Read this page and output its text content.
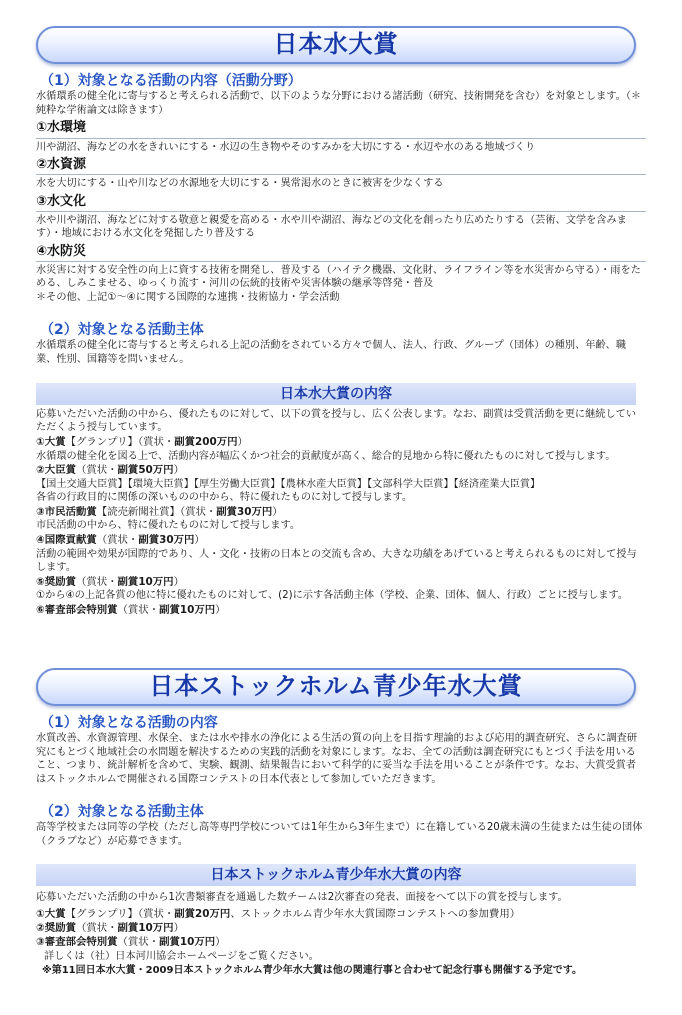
日本水大賞
（1）対象となる活動の内容（活動分野）
水循環系の健全化に寄与すると考えられる活動で、以下のような分野における諸活動（研究、技術開発を含む）を対象とします。（＊ 純粋な学術論文は除きます）
①水環境
川や湖沼、海などの水をきれいにする・水辺の生き物やそのすみかを大切にする・水辺や水のある地域づくり
②水資源
水を大切にする・山や川などの水源地を大切にする・異常渇水のときに被害を少なくする
③水文化
水や川や湖沼、海などに対する敬意と親愛を高める・水や川や湖沼、海などの文化を創ったり広めたりする（芸術、文学を含みます）・地域における水文化を発掘したり普及する
④水防災
水災害に対する安全性の向上に資する技術を開発し、普及する（ハイテク機器、文化財、ライフライン等を水災害から守る）・雨をためる、しみこませる、ゆっくり流す・河川の伝統的技術や災害体験の継承等啓発・普及
＊その他、上記①～④に関する国際的な連携・技術協力・学会活動
（2）対象となる活動主体
水循環系の健全化に寄与すると考えられる上記の活動をされている方々で個人、法人、行政、グループ（団体）の種別、年齢、職業、性別、国籍等を問いません。
日本水大賞の内容
応募いただいた活動の中から、優れたものに対して、以下の賞を授与し、広く公表します。なお、副賞は受賞活動を更に継続していただくよう授与しています。
①大賞【グランプリ】（賞状・副賞200万円）
水循環の健全化を図る上で、活動内容が幅広くかつ社会的貢献度が高く、総合的見地から特に優れたものに対して授与します。
②大臣賞（賞状・副賞50万円）
【国土交通大臣賞】【環境大臣賞】【厚生労働大臣賞】【農林水産大臣賞】【文部科学大臣賞】【経済産業大臣賞】
各省の行政目的に関係の深いものの中から、特に優れたものに対して授与します。
③市民活動賞【読売新聞社賞】（賞状・副賞30万円）
市民活動の中から、特に優れたものに対して授与します。
④国際貢献賞（賞状・副賞30万円）
活動の範囲や効果が国際的であり、人・文化・技術の日本との交流も含め、大きな功績をあげていると考えられるものに対して授与します。
⑤奨励賞（賞状・副賞10万円）
①から④の上記各賞の他に特に優れたものに対して、(2)に示す各活動主体（学校、企業、団体、個人、行政）ごとに授与します。
⑥審査部会特別賞（賞状・副賞10万円）
日本ストックホルム青少年水大賞
（1）対象となる活動の内容
水質改善、水資源管理、水保全、または水や排水の浄化による生活の質の向上を目指す理論的および応用的調査研究、さらに調査研究にもとづく地域社会の水問題を解決するための実践的活動を対象にします。なお、全ての活動は調査研究にもとづく手法を用いること、つまり、統計解析を含めて、実験、観測、結果報告において科学的に妥当な手法を用いることが条件です。なお、大賞受賞者はストックホルムで開催される国際コンテストの日本代表として参加していただきます。
（2）対象となる活動主体
高等学校または同等の学校（ただし高等専門学校については1年生から3年生まで）に在籍している20歳未満の生徒または生徒の団体（クラブなど）が応募できます。
日本ストックホルム青少年水大賞の内容
応募いただいた活動の中から1次書類審査を通過した数チームは2次審査の発表、面接をへて以下の賞を授与します。
①大賞【グランプリ】（賞状・副賞20万円、ストックホルム青少年水大賞国際コンテストへの参加費用）
②奨励賞（賞状・副賞10万円）
③審査部会特別賞（賞状・副賞10万円）
詳しくは（社）日本河川協会ホームページをご覧ください。
※第11回日本水大賞・2009日本ストックホルム青少年水大賞は他の関連行事と合わせて記念行事も開催する予定です。
